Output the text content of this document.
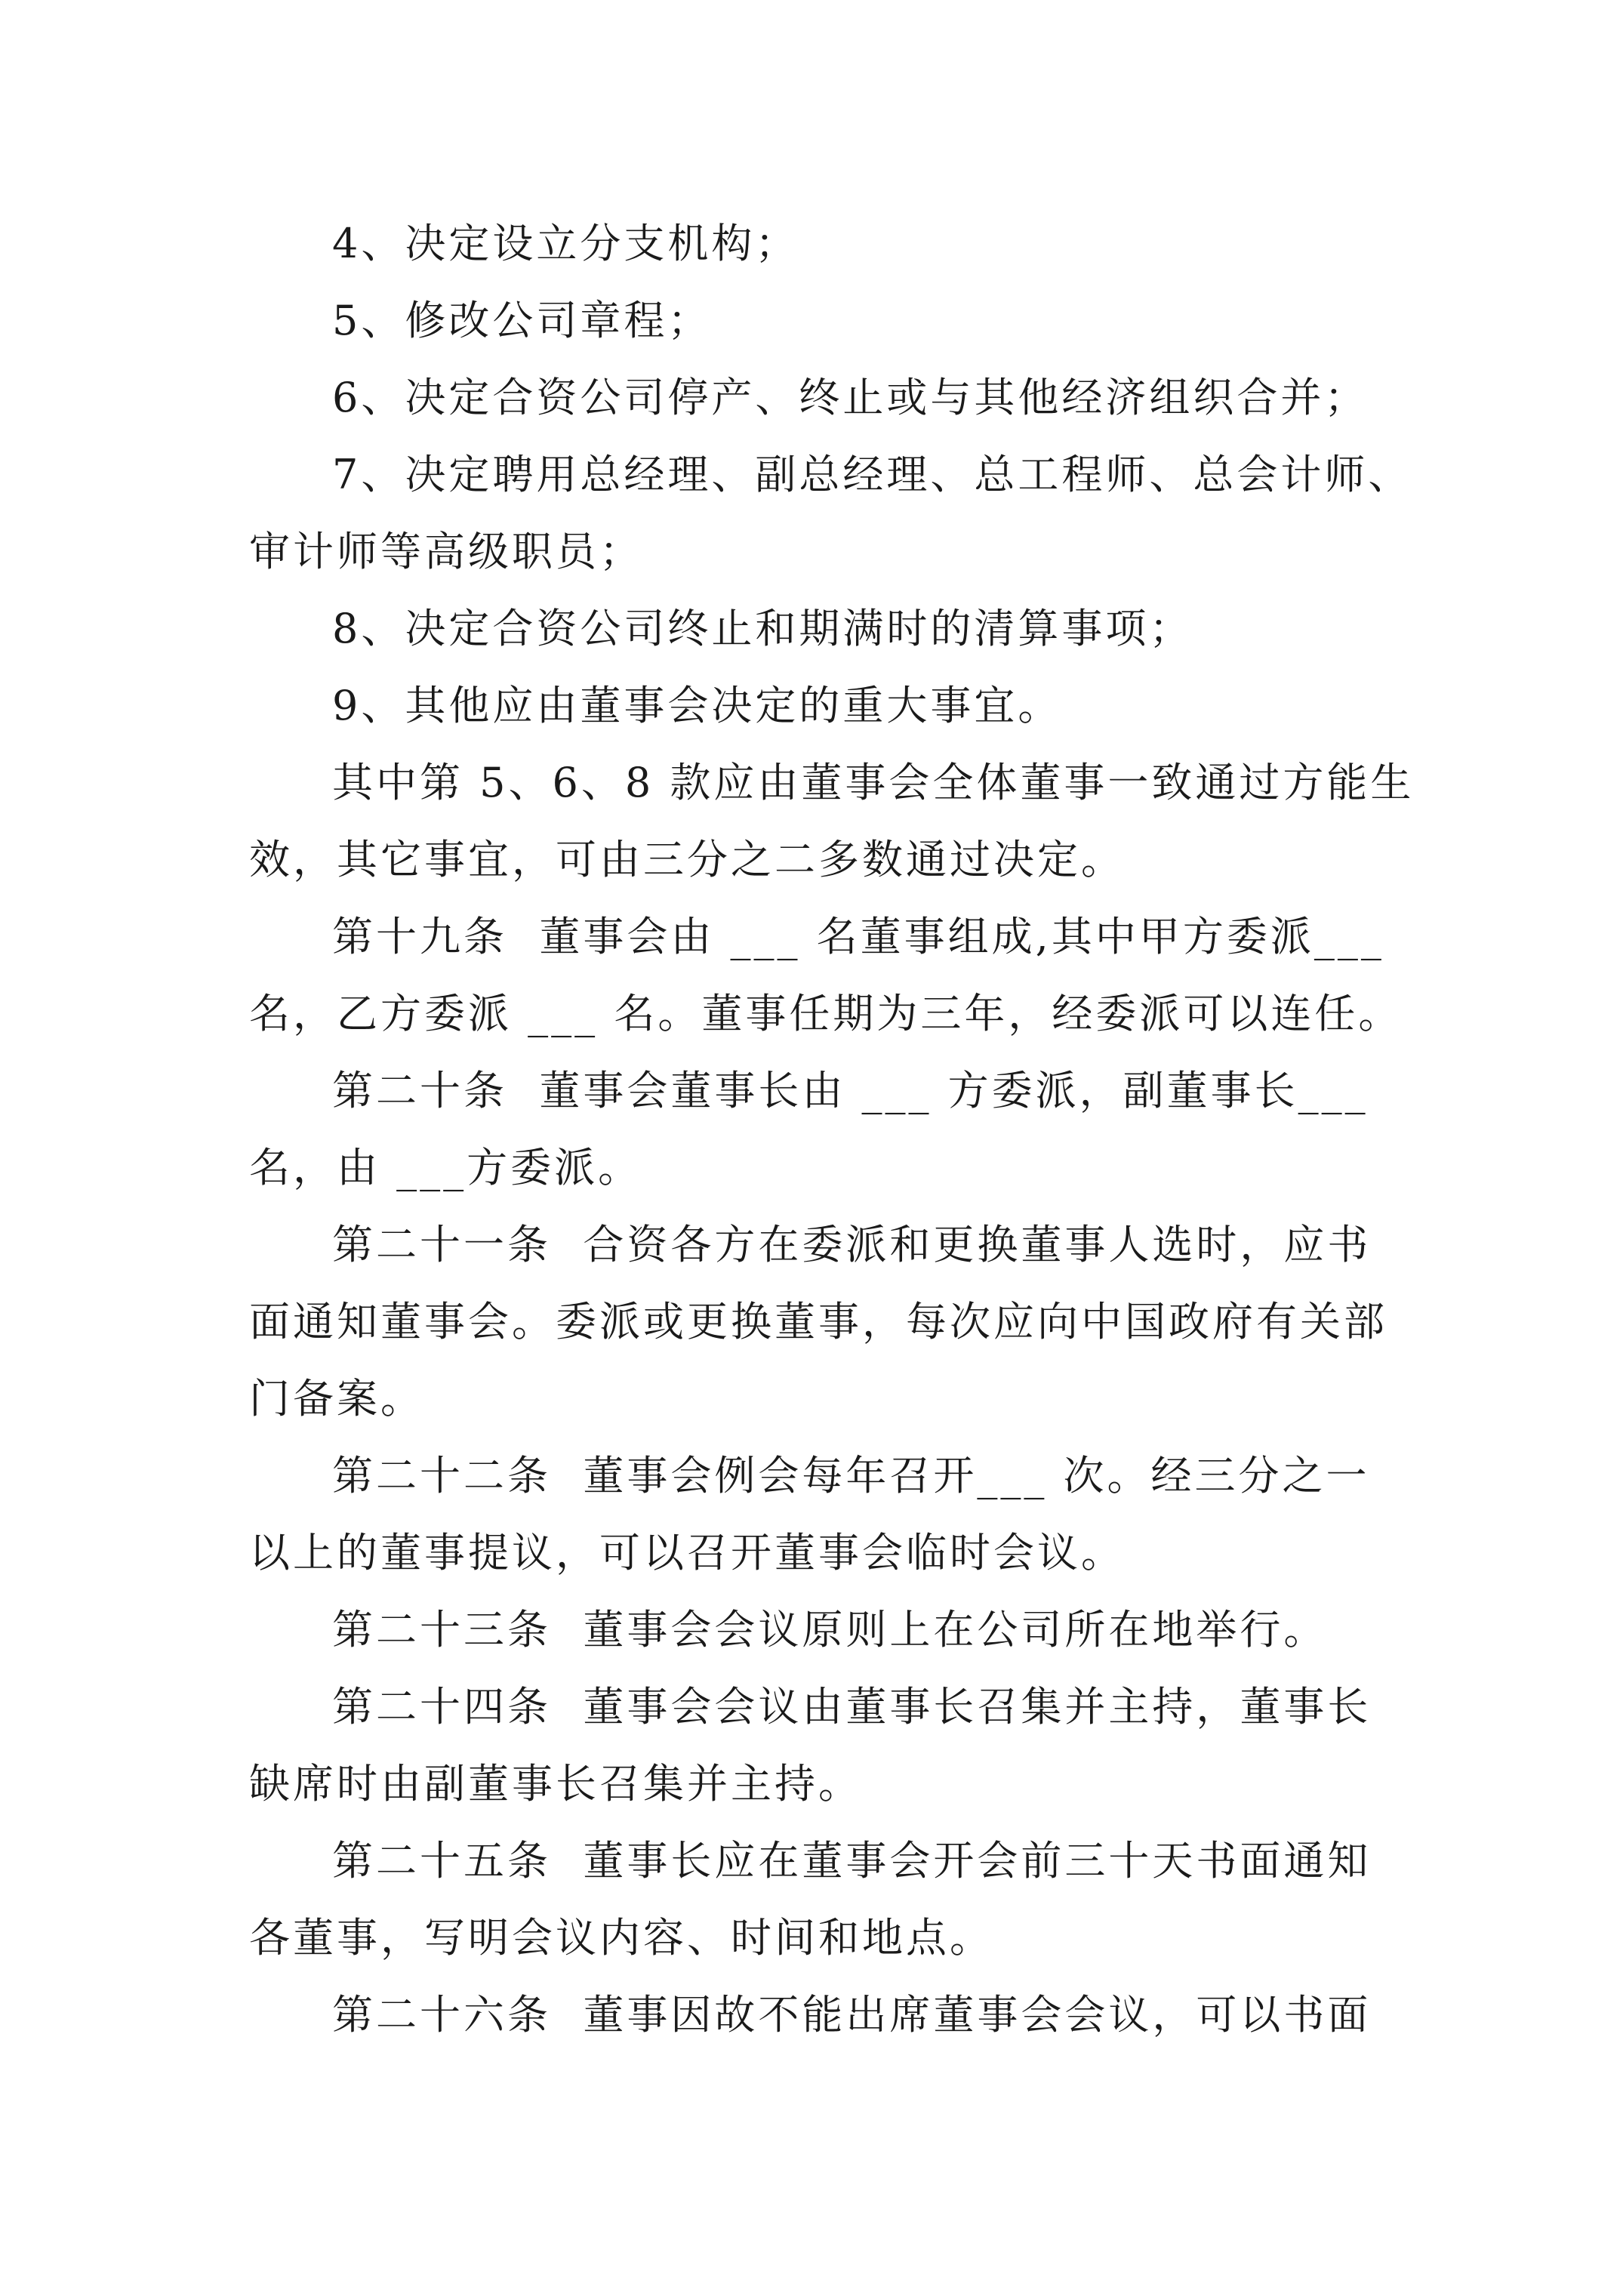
4、决定设立分支机构；
5、修改公司章程；
6、决定合资公司停产、终止或与其他经济组织合并；
7、决定聘用总经理、副总经理、总工程师、总会计师、
审计师等高级职员；
8、决定合资公司终止和期满时的清算事项；
9、其他应由董事会决定的重大事宜。
其中第 5、6、8 款应由董事会全体董事一致通过方能生
效，其它事宜，可由三分之二多数通过决定。
第十九条  董事会由 ___ 名董事组成,其中甲方委派___
名，乙方委派 ___ 名。董事任期为三年，经委派可以连任。
第二十条  董事会董事长由 ___ 方委派，副董事长___
名，由 ___方委派。
第二十一条  合资各方在委派和更换董事人选时，应书
面通知董事会。委派或更换董事，每次应向中国政府有关部
门备案。
第二十二条  董事会例会每年召开___ 次。经三分之一
以上的董事提议，可以召开董事会临时会议。
第二十三条  董事会会议原则上在公司所在地举行。
第二十四条  董事会会议由董事长召集并主持，董事长
缺席时由副董事长召集并主持。
第二十五条  董事长应在董事会开会前三十天书面通知
各董事，写明会议内容、时间和地点。
第二十六条  董事因故不能出席董事会会议，可以书面
